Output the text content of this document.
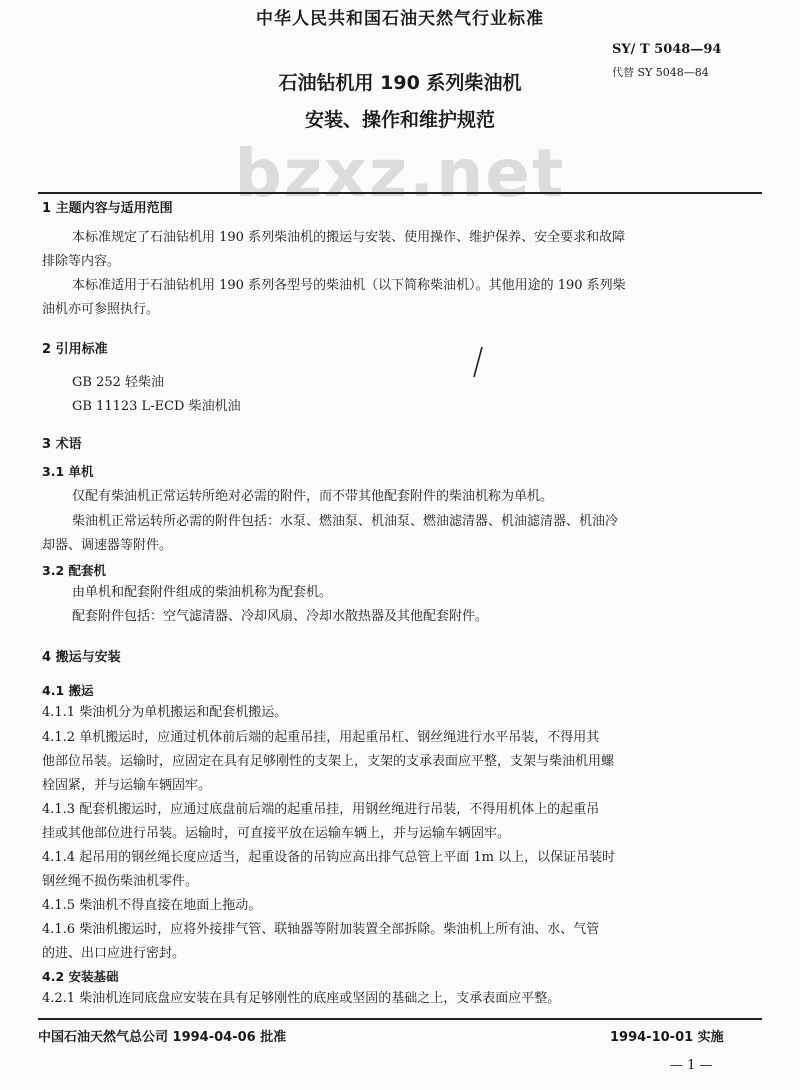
中华人民共和国石油天然气行业标准
SY/ T 5048—94
代替 SY 5048—84
石油钻机用 190 系列柴油机
安装、操作和维护规范
bzxz.net
1 主题内容与适用范围
本标准规定了石油钻机用 190 系列柴油机的搬运与安装、使用操作、维护保养、安全要求和故障
排除等内容。
本标准适用于石油钻机用 190 系列各型号的柴油机（以下简称柴油机）。其他用途的 190 系列柴
油机亦可参照执行。
2 引用标准
GB 252 轻柴油
GB 11123 L-ECD 柴油机油
3 术语
3.1 单机
仅配有柴油机正常运转所绝对必需的附件，而不带其他配套附件的柴油机称为单机。
柴油机正常运转所必需的附件包括：水泵、燃油泵、机油泵、燃油滤清器、机油滤清器、机油冷
却器、调速器等附件。
3.2 配套机
由单机和配套附件组成的柴油机称为配套机。
配套附件包括：空气滤清器、冷却风扇、冷却水散热器及其他配套附件。
4 搬运与安装
4.1 搬运
4.1.1 柴油机分为单机搬运和配套机搬运。
4.1.2 单机搬运时，应通过机体前后端的起重吊挂，用起重吊杠、钢丝绳进行水平吊装，不得用其
他部位吊装。运输时，应固定在具有足够刚性的支架上，支架的支承表面应平整，支架与柴油机用螺
栓固紧，并与运输车辆固牢。
4.1.3 配套机搬运时，应通过底盘前后端的起重吊挂，用钢丝绳进行吊装，不得用机体上的起重吊
挂或其他部位进行吊装。运输时，可直接平放在运输车辆上，并与运输车辆固牢。
4.1.4 起吊用的钢丝绳长度应适当，起重设备的吊钩应高出排气总管上平面 1m 以上，以保证吊装时
钢丝绳不损伤柴油机零件。
4.1.5 柴油机不得直接在地面上拖动。
4.1.6 柴油机搬运时，应将外接排气管、联轴器等附加装置全部拆除。柴油机上所有油、水、气管
的进、出口应进行密封。
4.2 安装基础
4.2.1 柴油机连同底盘应安装在具有足够刚性的底座或坚固的基础之上，支承表面应平整。
中国石油天然气总公司 1994-04-06 批准	1994-10-01 实施
— 1 —
